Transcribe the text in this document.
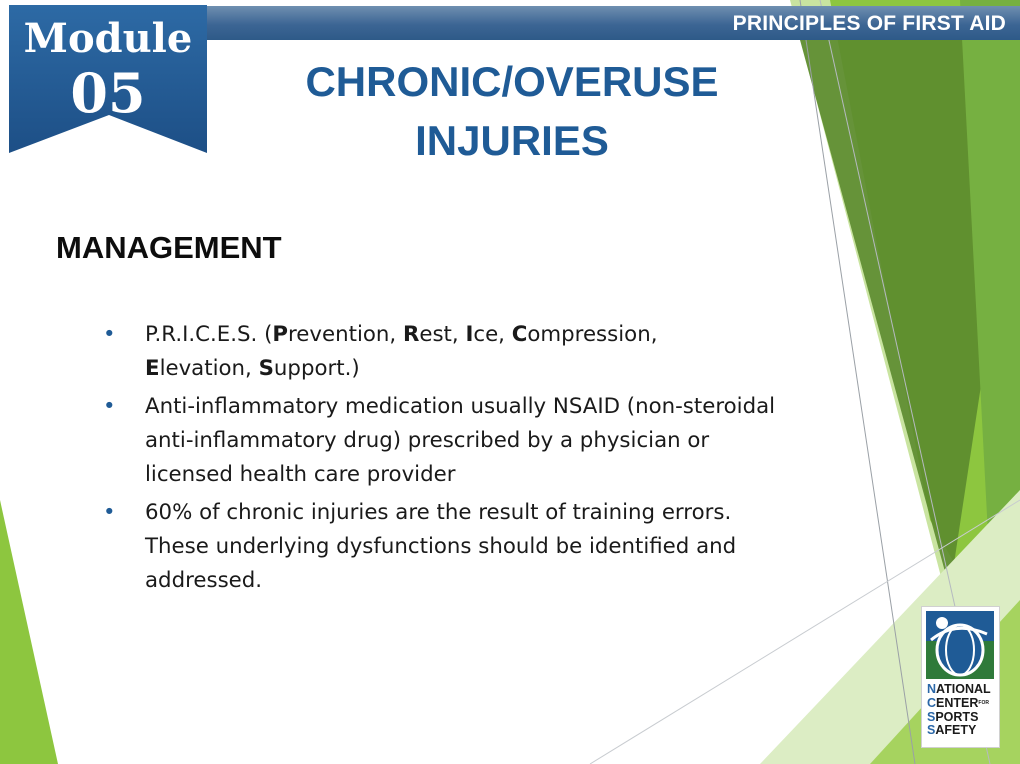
PRINCIPLES OF FIRST AID
Module
05	CHRONIC/OVERUSE
INJURIES
MANAGEMENT
• P.R.I.C.E.S. (Prevention, Rest, Ice, Compression,
Elevation, Support.)
• Anti-inflammatory medication usually NSAID (non-steroidal anti-inflammatory drug) prescribed by a physician or licensed health care provider
• 60% of chronic injuries are the result of training errors. These underlying dysfunctions should be identified and addressed.
NATIONAL
$CENTER^{FOR}$
SPORTS
SAFETY
